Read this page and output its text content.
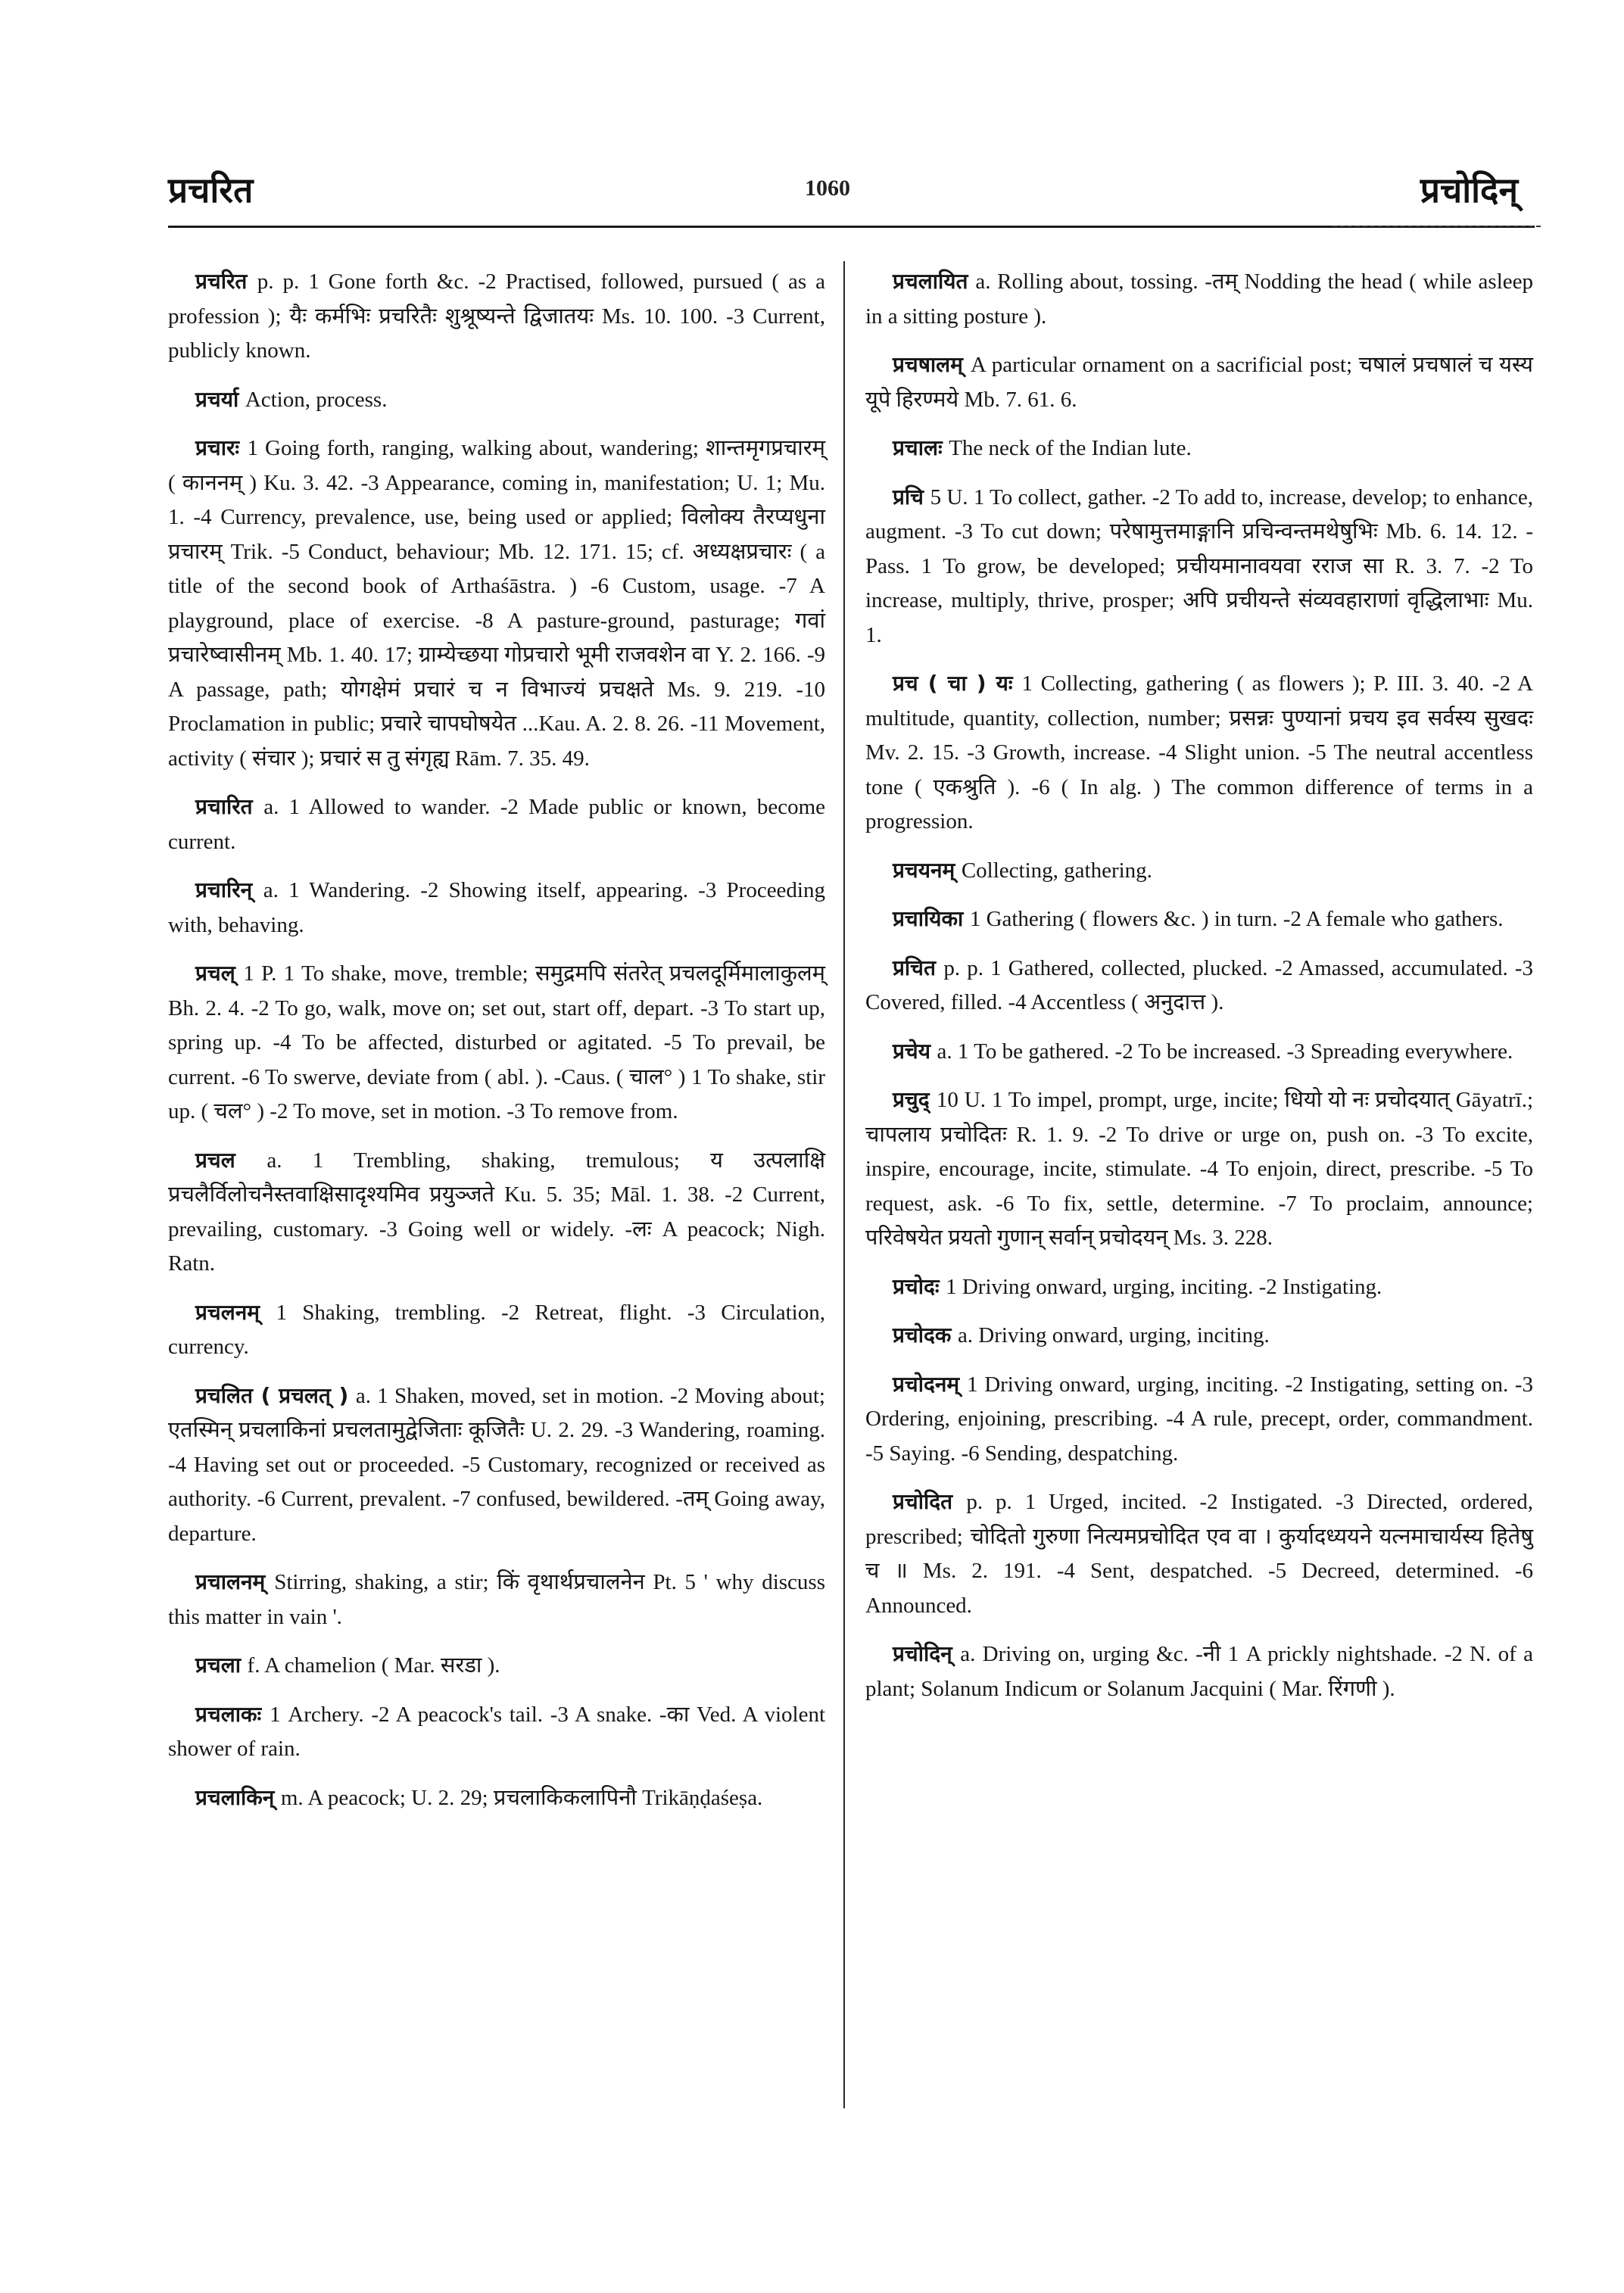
प्रचरित	1060	प्रचोदिन्

प्रचरित p. p. 1 Gone forth &c. -2 Practised, followed, pursued ( as a profession ); यैः कर्मभिः प्रचरितैः शुश्रूष्यन्ते द्विजातयः Ms. 10. 100. -3 Current, publicly known.

प्रचर्या Action, process.

प्रचारः 1 Going forth, ranging, walking about, wandering; शान्तमृगप्रचारम् ( काननम् ) Ku. 3. 42. -3 Appearance, coming in, manifestation; U. 1; Mu. 1. -4 Currency, prevalence, use, being used or applied; विलोक्य तैरप्यधुना प्रचारम् Trik. -5 Conduct, behaviour; Mb. 12. 171. 15; cf. अध्यक्षप्रचारः ( a title of the second book of Arthaśāstra. ) -6 Custom, usage. -7 A playground, place of exercise. -8 A pasture-ground, pasturage; गवां प्रचारेष्वासीनम् Mb. 1. 40. 17; ग्राम्येच्छया गोप्रचारो भूमी राजवशेन वा Y. 2. 166. -9 A passage, path; योगक्षेमं प्रचारं च न विभाज्यं प्रचक्षते Ms. 9. 219. -10 Proclamation in public; प्रचारे चापघोषयेत ...Kau. A. 2. 8. 26. -11 Movement, activity ( संचार ); प्रचारं स तु संगृह्य Rām. 7. 35. 49.

प्रचारित a. 1 Allowed to wander. -2 Made public or known, become current.

प्रचारिन् a. 1 Wandering. -2 Showing itself, appearing. -3 Proceeding with, behaving.

प्रचल् 1 P. 1 To shake, move, tremble; समुद्रमपि संतरेत् प्रचलदूर्मिमालाकुलम् Bh. 2. 4. -2 To go, walk, move on; set out, start off, depart. -3 To start up, spring up. -4 To be affected, disturbed or agitated. -5 To prevail, be current. -6 To swerve, deviate from ( abl. ). -Caus. ( चाल° ) 1 To shake, stir up. ( चल° ) -2 To move, set in motion. -3 To remove from.

प्रचल a. 1 Trembling, shaking, tremulous; य उत्पलाक्षि प्रचलैर्विलोचनैस्तवाक्षिसादृश्यमिव प्रयुञ्जते Ku. 5. 35; Māl. 1. 38. -2 Current, prevailing, customary. -3 Going well or widely. -लः A peacock; Nigh. Ratn.

प्रचलनम् 1 Shaking, trembling. -2 Retreat, flight. -3 Circulation, currency.

प्रचलित ( प्रचलत् ) a. 1 Shaken, moved, set in motion. -2 Moving about; एतस्मिन् प्रचलाकिनां प्रचलतामुद्वेजिताः कूजितैः U. 2. 29. -3 Wandering, roaming. -4 Having set out or proceeded. -5 Customary, recognized or received as authority. -6 Current, prevalent. -7 confused, bewildered. -तम् Going away, departure.

प्रचालनम् Stirring, shaking, a stir; किं वृथार्थप्रचालनेन Pt. 5 ' why discuss this matter in vain '.

प्रचला f. A chamelion ( Mar. सरडा ).

प्रचलाकः 1 Archery. -2 A peacock's tail. -3 A snake. -का Ved. A violent shower of rain.

प्रचलाकिन् m. A peacock; U. 2. 29; प्रचलाकिकलापिनौ Trikāṇḍaśeṣa.

प्रचलायित a. Rolling about, tossing. -तम् Nodding the head ( while asleep in a sitting posture ).

प्रचषालम् A particular ornament on a sacrificial post; चषालं प्रचषालं च यस्य यूपे हिरण्मये Mb. 7. 61. 6.

प्रचालः The neck of the Indian lute.

प्रचि 5 U. 1 To collect, gather. -2 To add to, increase, develop; to enhance, augment. -3 To cut down; परेषामुत्तमाङ्गानि प्रचिन्वन्तमथेषुभिः Mb. 6. 14. 12. -Pass. 1 To grow, be developed; प्रचीयमानावयवा रराज सा R. 3. 7. -2 To increase, multiply, thrive, prosper; अपि प्रचीयन्ते संव्यवहाराणां वृद्धिलाभाः Mu. 1.

प्रच ( चा ) यः 1 Collecting, gathering ( as flowers ); P. III. 3. 40. -2 A multitude, quantity, collection, number; प्रसन्नः पुण्यानां प्रचय इव सर्वस्य सुखदः Mv. 2. 15. -3 Growth, increase. -4 Slight union. -5 The neutral accentless tone ( एकश्रुति ). -6 ( In alg. ) The common difference of terms in a progression.

प्रचयनम् Collecting, gathering.

प्रचायिका 1 Gathering ( flowers &c. ) in turn. -2 A female who gathers.

प्रचित p. p. 1 Gathered, collected, plucked. -2 Amassed, accumulated. -3 Covered, filled. -4 Accentless ( अनुदात्त ).

प्रचेय a. 1 To be gathered. -2 To be increased. -3 Spreading everywhere.

प्रचुद् 10 U. 1 To impel, prompt, urge, incite; धियो यो नः प्रचोदयात् Gāyatrī.; चापलाय प्रचोदितः R. 1. 9. -2 To drive or urge on, push on. -3 To excite, inspire, encourage, incite, stimulate. -4 To enjoin, direct, prescribe. -5 To request, ask. -6 To fix, settle, determine. -7 To proclaim, announce; परिवेषयेत प्रयतो गुणान् सर्वान् प्रचोदयन् Ms. 3. 228.

प्रचोदः 1 Driving onward, urging, inciting. -2 Instigating.

प्रचोदक a. Driving onward, urging, inciting.

प्रचोदनम् 1 Driving onward, urging, inciting. -2 Instigating, setting on. -3 Ordering, enjoining, prescribing. -4 A rule, precept, order, commandment. -5 Saying. -6 Sending, despatching.

प्रचोदित p. p. 1 Urged, incited. -2 Instigated. -3 Directed, ordered, prescribed; चोदितो गुरुणा नित्यमप्रचोदित एव वा । कुर्यादध्ययने यत्नमाचार्यस्य हितेषु च ॥ Ms. 2. 191. -4 Sent, despatched. -5 Decreed, determined. -6 Announced.

प्रचोदिन् a. Driving on, urging &c. -नी 1 A prickly nightshade. -2 N. of a plant; Solanum Indicum or Solanum Jacquini ( Mar. रिंगणी ).
